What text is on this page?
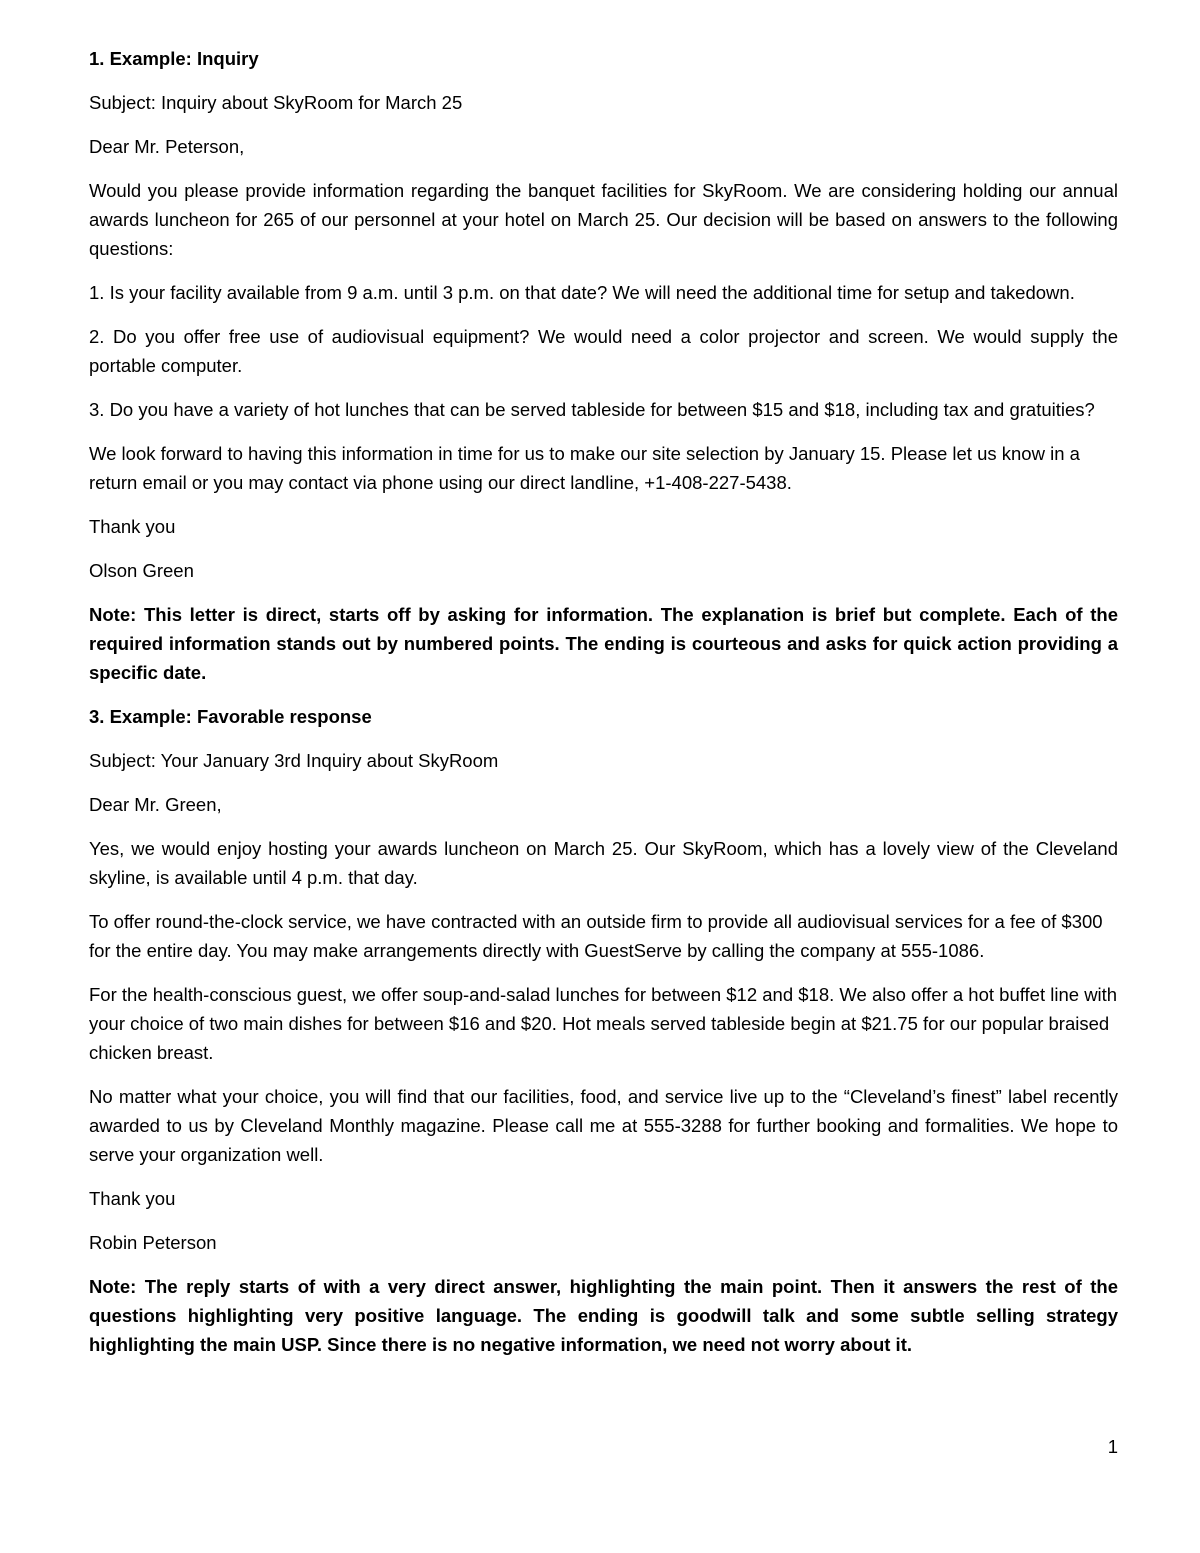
1. Example: Inquiry

Subject: Inquiry about SkyRoom for March 25

Dear Mr. Peterson,

Would you please provide information regarding the banquet facilities for SkyRoom. We are considering holding our annual awards luncheon for 265 of our personnel at your hotel on March 25. Our decision will be based on answers to the following questions:

1. Is your facility available from 9 a.m. until 3 p.m. on that date? We will need the additional time for setup and takedown.

2. Do you offer free use of audiovisual equipment? We would need a color projector and screen. We would supply the portable computer.

3. Do you have a variety of hot lunches that can be served tableside for between $15 and $18, including tax and gratuities?

We look forward to having this information in time for us to make our site selection by January 15. Please let us know in a return email or you may contact via phone using our direct landline, +1-408-227-5438.

Thank you

Olson Green

Note: This letter is direct, starts off by asking for information. The explanation is brief but complete. Each of the required information stands out by numbered points. The ending is courteous and asks for quick action providing a specific date.

3. Example: Favorable response

Subject: Your January 3rd Inquiry about SkyRoom

Dear Mr. Green,

Yes, we would enjoy hosting your awards luncheon on March 25. Our SkyRoom, which has a lovely view of the Cleveland skyline, is available until 4 p.m. that day.

To offer round-the-clock service, we have contracted with an outside firm to provide all audiovisual services for a fee of $300 for the entire day. You may make arrangements directly with GuestServe by calling the company at 555-1086.

For the health-conscious guest, we offer soup-and-salad lunches for between $12 and $18. We also offer a hot buffet line with your choice of two main dishes for between $16 and $20. Hot meals served tableside begin at $21.75 for our popular braised chicken breast.

No matter what your choice, you will find that our facilities, food, and service live up to the “Cleveland’s finest” label recently awarded to us by Cleveland Monthly magazine. Please call me at 555-3288 for further booking and formalities. We hope to serve your organization well.

Thank you

Robin Peterson

Note: The reply starts of with a very direct answer, highlighting the main point. Then it answers the rest of the questions highlighting very positive language. The ending is goodwill talk and some subtle selling strategy highlighting the main USP. Since there is no negative information, we need not worry about it.

1
